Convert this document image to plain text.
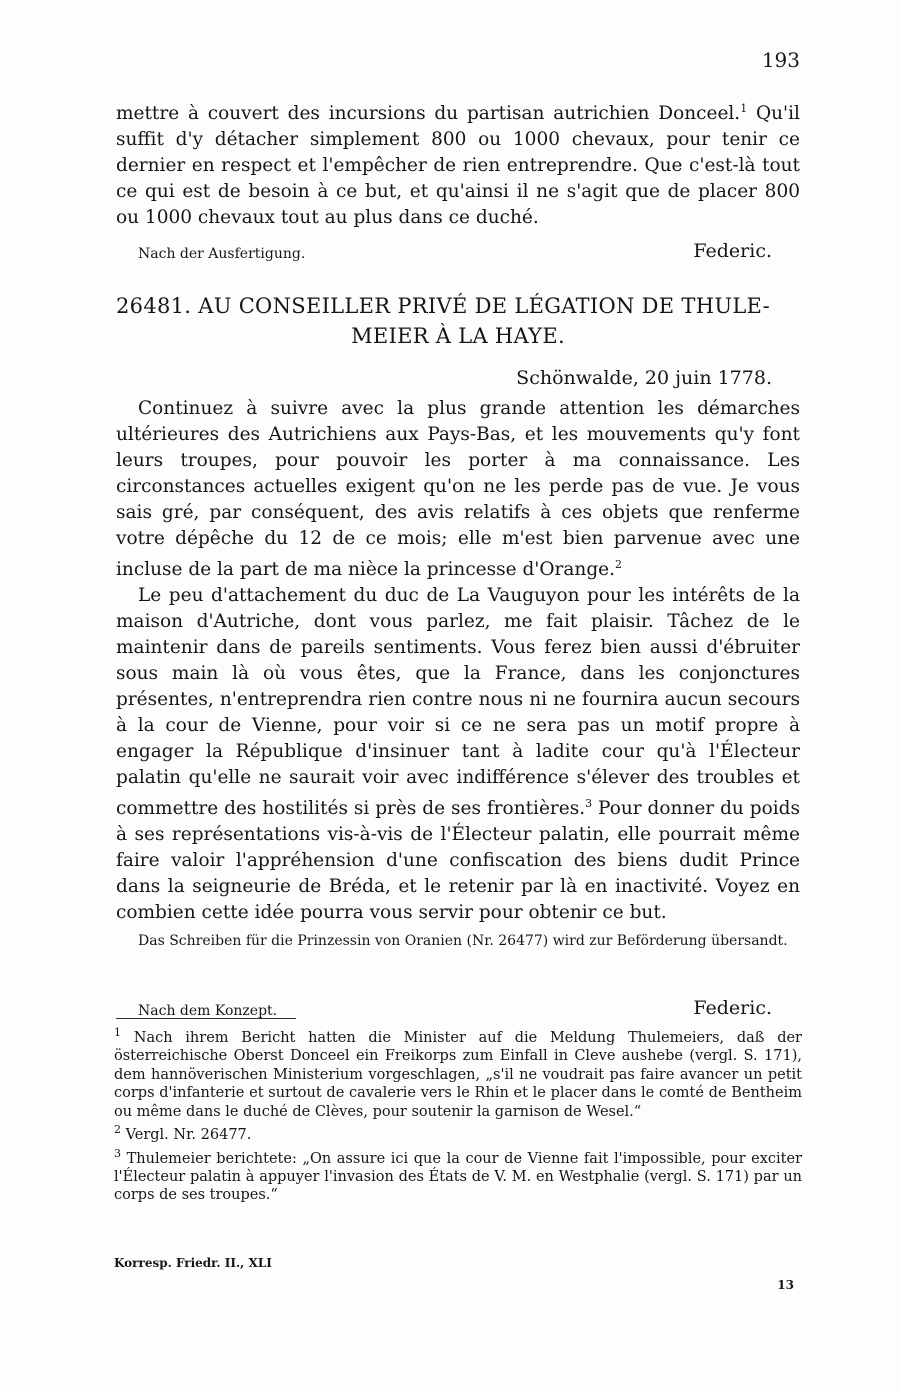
193

mettre à couvert des incursions du partisan autrichien Donceel.$^1$ Qu'il suffit d'y détacher simplement 800 ou 1000 chevaux, pour tenir ce dernier en respect et l'empêcher de rien entreprendre. Que c'est-là tout ce qui est de besoin à ce but, et qu'ainsi il ne s'agit que de placer 800 ou 1000 chevaux tout au plus dans ce duché.

Nach der Ausfertigung.	Federic.
26481. AU CONSEILLER PRIVÉ DE LÉGATION DE THULE-
MEIER À LA HAYE.
Schönwalde, 20 juin 1778.

Continuez à suivre avec la plus grande attention les démarches ultérieures des Autrichiens aux Pays-Bas, et les mouvements qu'y font leurs troupes, pour pouvoir les porter à ma connaissance. Les circonstances actuelles exigent qu'on ne les perde pas de vue. Je vous sais gré, par conséquent, des avis relatifs à ces objets que renferme votre dépêche du 12 de ce mois; elle m'est bien parvenue avec une incluse de la part de ma nièce la princesse d'Orange.$^2$

Le peu d'attachement du duc de La Vauguyon pour les intérêts de la maison d'Autriche, dont vous parlez, me fait plaisir. Tâchez de le maintenir dans de pareils sentiments. Vous ferez bien aussi d'ébruiter sous main là où vous êtes, que la France, dans les conjonctures présentes, n'entreprendra rien contre nous ni ne fournira aucun secours à la cour de Vienne, pour voir si ce ne sera pas un motif propre à engager la République d'insinuer tant à ladite cour qu'à l'Électeur palatin qu'elle ne saurait voir avec indifférence s'élever des troubles et commettre des hostilités si près de ses frontières.$^3$ Pour donner du poids à ses représentations vis-à-vis de l'Électeur palatin, elle pourrait même faire valoir l'appréhension d'une confiscation des biens dudit Prince dans la seigneurie de Bréda, et le retenir par là en inactivité. Voyez en combien cette idée pourra vous servir pour obtenir ce but.

Das Schreiben für die Prinzessin von Oranien (Nr. 26477) wird zur Beförderung übersandt.

Nach dem Konzept.	Federic.

$^1$ Nach ihrem Bericht hatten die Minister auf die Meldung Thulemeiers, daß der österreichische Oberst Donceel ein Freikorps zum Einfall in Cleve aushebe (vergl. S. 171), dem hannöverischen Ministerium vorgeschlagen, „s'il ne voudrait pas faire avancer un petit corps d'infanterie et surtout de cavalerie vers le Rhin et le placer dans le comté de Bentheim ou même dans le duché de Clèves, pour soutenir la garnison de Wesel.“

$^2$ Vergl. Nr. 26477.

$^3$ Thulemeier berichtete: „On assure ici que la cour de Vienne fait l'impossible, pour exciter l'Électeur palatin à appuyer l'invasion des États de V. M. en Westphalie (vergl. S. 171) par un corps de ses troupes.“

Korresp. Friedr. II., XLI
13
